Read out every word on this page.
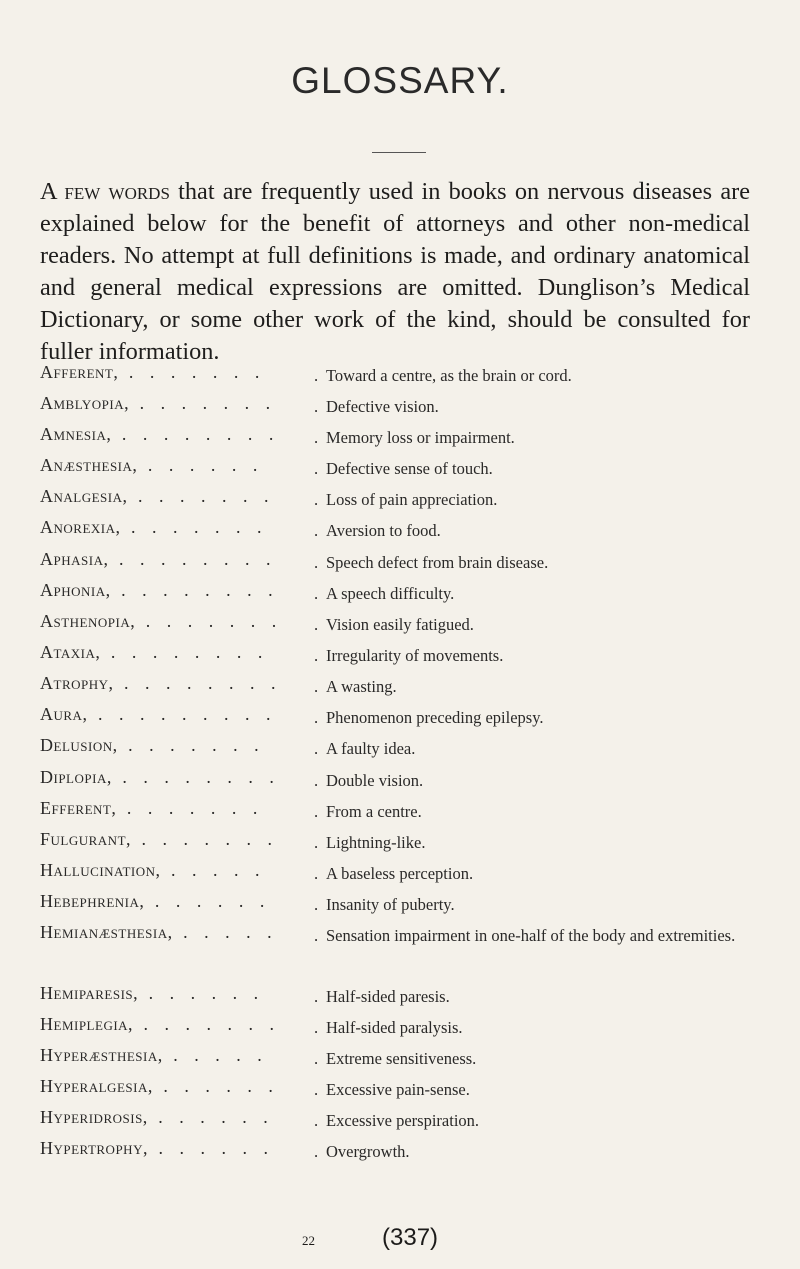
GLOSSARY.
A few words that are frequently used in books on nervous diseases are explained below for the benefit of attorneys and other non-medical readers. No attempt at full definitions is made, and ordinary anatomical and general medical expressions are omitted. Dunglison’s Medical Dictionary, or some other work of the kind, should be consulted for fuller information.
Afferent, . .	. Toward a centre, as the brain or cord.
Amblyopia, . .	. Defective vision.
Amnesia, . .	. Memory loss or impairment.
Anæsthesia, . .	. Defective sense of touch.
Analgesia, . .	. Loss of pain appreciation.
Anorexia, . .	. Aversion to food.
Aphasia, . .	. Speech defect from brain disease.
Aphonia, . .	. A speech difficulty.
Asthenopia, . .	. Vision easily fatigued.
Ataxia, . .	. Irregularity of movements.
Atrophy, . .	. A wasting.
Aura, . .	. Phenomenon preceding epilepsy.
Delusion, . .	. A faulty idea.
Diplopia, . .	. Double vision.
Efferent, . .	. From a centre.
Fulgurant, . .	. Lightning-like.
Hallucination, . .	. A baseless perception.
Hebephrenia, . .	. Insanity of puberty.
Hemianæsthesia, . .	. Sensation impairment in one-half of the body and extremities.
Hemiparesis, . .	. Half-sided paresis.
Hemiplegia, . .	. Half-sided paralysis.
Hyperæsthesia, . .	. Extreme sensitiveness.
Hyperalgesia, . .	. Excessive pain-sense.
Hyperidrosis, . .	. Excessive perspiration.
Hypertrophy, . .	. Overgrowth.
22	(337)
